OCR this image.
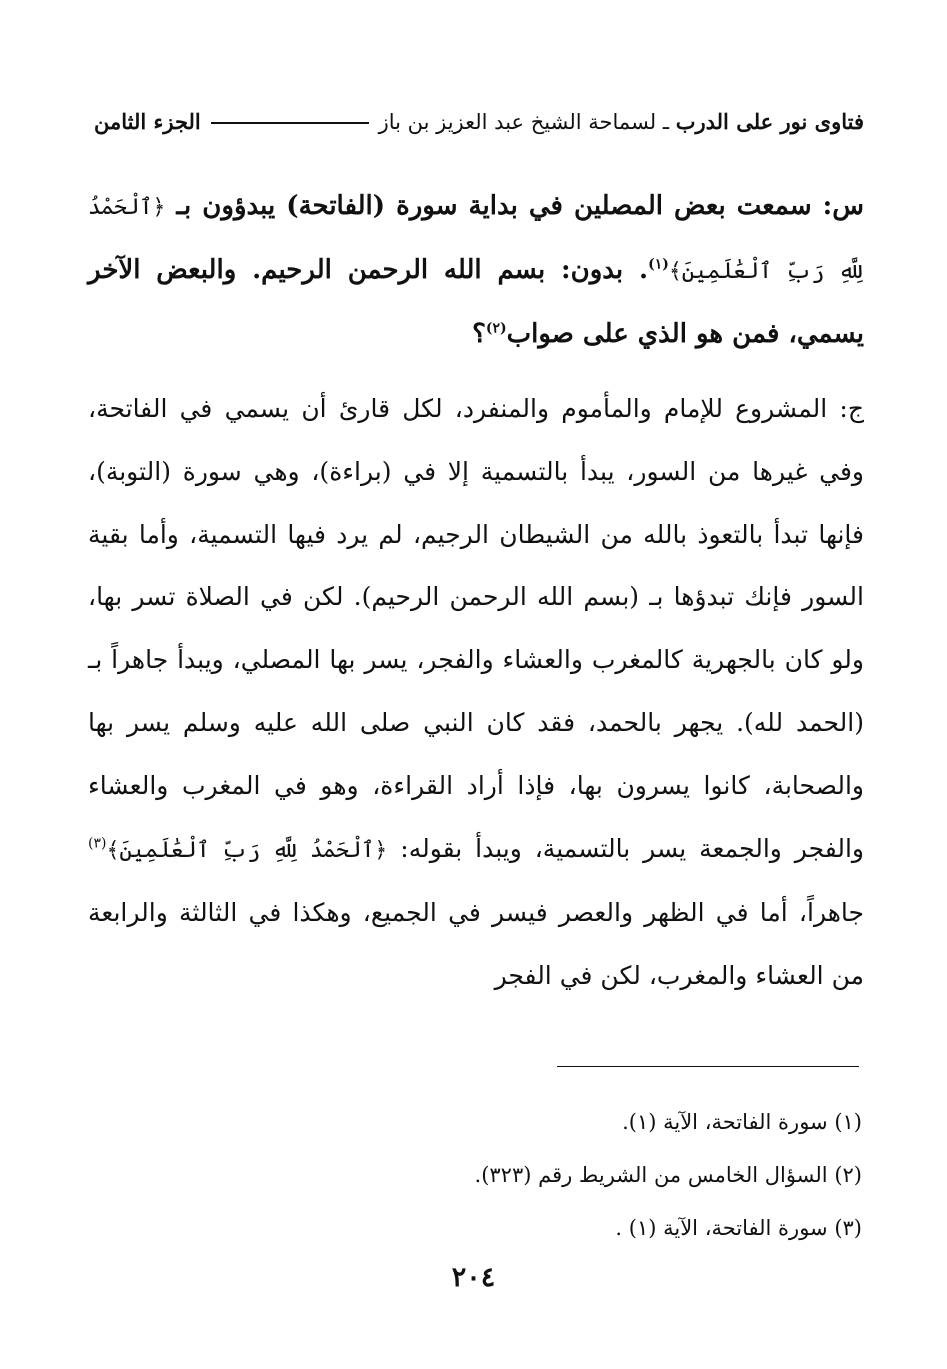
فتاوى نور على الدرب ـ لسماحة الشيخ عبد العزيز بن باز
الجزء الثامن
س: سمعت بعض المصلين في بداية سورة (الفاتحة) يبدؤون بـ ﴿ٱلْحَمْدُ لِلَّهِ رَبِّ ٱلْعَٰلَمِينَ﴾$^{(١)}$. بدون: بسم الله الرحمن الرحيم. والبعض الآخر يسمي، فمن هو الذي على صواب$^{(٢)}$؟
ج: المشروع للإمام والمأموم والمنفرد، لكل قارئ أن يسمي في الفاتحة، وفي غيرها من السور، يبدأ بالتسمية إلا في (براءة)، وهي سورة (التوبة)، فإنها تبدأ بالتعوذ بالله من الشيطان الرجيم، لم يرد فيها التسمية، وأما بقية السور فإنك تبدؤها بـ (بسم الله الرحمن الرحيم). لكن في الصلاة تسر بها، ولو كان بالجهرية كالمغرب والعشاء والفجر، يسر بها المصلي، ويبدأ جاهراً بـ (الحمد لله). يجهر بالحمد، فقد كان النبي صلى الله عليه وسلم يسر بها والصحابة، كانوا يسرون بها، فإذا أراد القراءة، وهو في المغرب والعشاء والفجر والجمعة يسر بالتسمية، ويبدأ بقوله: ﴿ٱلْحَمْدُ لِلَّهِ رَبِّ ٱلْعَٰلَمِينَ﴾$^{(٣)}$ جاهراً، أما في الظهر والعصر فيسر في الجميع، وهكذا في الثالثة والرابعة من العشاء والمغرب، لكن في الفجر
(١) سورة الفاتحة، الآية (١).
(٢) السؤال الخامس من الشريط رقم (٣٢٣).
(٣) سورة الفاتحة، الآية (١) .
٢٠٤
